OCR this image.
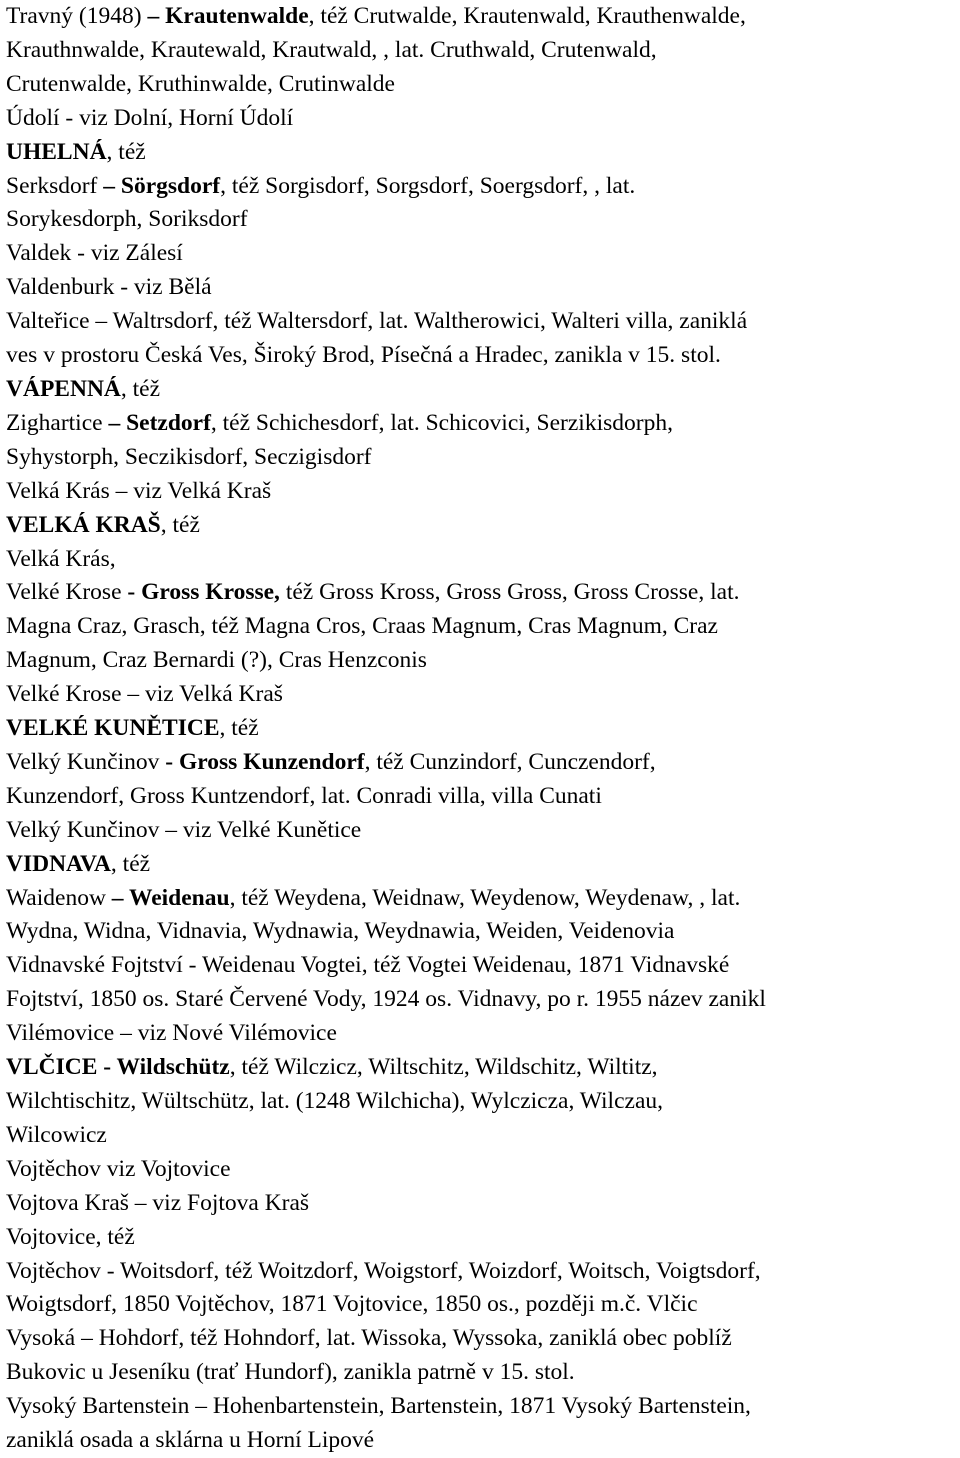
Travný (1948) – Krautenwalde, též Crutwalde, Krautenwald, Krauthenwalde,

Krauthnwalde, Krautewald, Krautwald, , lat. Cruthwald, Crutenwald,

Crutenwalde, Kruthinwalde, Crutinwalde

Údolí - viz Dolní, Horní Údolí

UHELNÁ, též

Serksdorf – Sörgsdorf, též Sorgisdorf, Sorgsdorf, Soergsdorf, , lat.

Sorykesdorph, Soriksdorf

Valdek - viz Zálesí

Valdenburk - viz Bělá

Valteřice – Waltrsdorf, též Waltersdorf, lat. Waltherowici, Walteri villa, zaniklá

ves v prostoru Česká Ves, Široký Brod, Písečná a Hradec, zanikla v 15. stol.

VÁPENNÁ, též

Zighartice – Setzdorf, též Schichesdorf, lat. Schicovici, Serzikisdorph,

Syhystorph, Seczikisdorf, Seczigisdorf

Velká Krás – viz Velká Kraš

VELKÁ KRAŠ, též

Velká Krás,

Velké Krose - Gross Krosse, též Gross Kross, Gross Gross, Gross Crosse, lat.

Magna Craz, Grasch, též Magna Cros, Craas Magnum, Cras Magnum, Craz

Magnum, Craz Bernardi (?), Cras Henzconis

Velké Krose – viz Velká Kraš

VELKÉ KUNĚTICE, též

Velký Kunčinov - Gross Kunzendorf, též Cunzindorf, Cunczendorf,

Kunzendorf, Gross Kuntzendorf, lat. Conradi villa, villa Cunati

Velký Kunčinov – viz Velké Kunětice

VIDNAVA, též

Waidenow – Weidenau, též Weydena, Weidnaw, Weydenow, Weydenaw, , lat.

Wydna, Widna, Vidnavia, Wydnawia, Weydnawia, Weiden, Veidenovia

Vidnavské Fojtství - Weidenau Vogtei, též Vogtei Weidenau, 1871 Vidnavské

Fojtství, 1850 os. Staré Červené Vody, 1924 os. Vidnavy, po r. 1955 název zanikl

Vilémovice – viz Nové Vilémovice

VLČICE - Wildschütz, též Wilczicz, Wiltschitz, Wildschitz, Wiltitz,

Wilchtischitz, Wültschütz, lat. (1248 Wilchicha), Wylczicza, Wilczau,

Wilcowicz

Vojtěchov viz Vojtovice

Vojtova Kraš – viz Fojtova Kraš

Vojtovice, též

Vojtěchov - Woitsdorf, též Woitzdorf, Woigstorf, Woizdorf, Woitsch, Voigtsdorf,

Woigtsdorf, 1850 Vojtěchov, 1871 Vojtovice, 1850 os., později m.č. Vlčic

Vysoká – Hohdorf, též Hohndorf, lat. Wissoka, Wyssoka, zaniklá obec poblíž

Bukovic u Jeseníku (trať Hundorf), zanikla patrně v 15. stol.

Vysoký Bartenstein – Hohenbartenstein, Bartenstein, 1871 Vysoký Bartenstein,

zaniklá osada a sklárna u Horní Lipové
